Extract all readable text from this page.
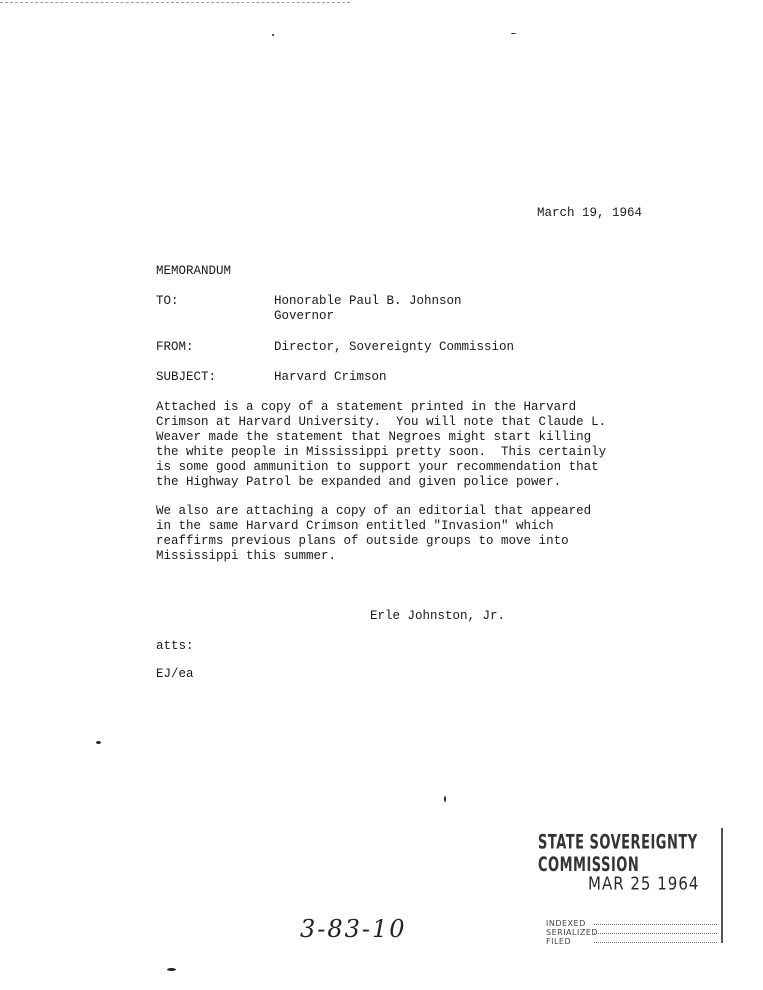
March 19, 1964
MEMORANDUM
TO:	Honorable Paul B. Johnson
Governor
FROM:	Director, Sovereignty Commission
SUBJECT:	Harvard Crimson
Attached is a copy of a statement printed in the Harvard
Crimson at Harvard University.  You will note that Claude L.
Weaver made the statement that Negroes might start killing
the white people in Mississippi pretty soon.  This certainly
is some good ammunition to support your recommendation that
the Highway Patrol be expanded and given police power.
We also are attaching a copy of an editorial that appeared
in the same Harvard Crimson entitled "Invasion" which
reaffirms previous plans of outside groups to move into
Mississippi this summer.
Erle Johnston, Jr.
atts:
EJ/ea
STATE SOVEREIGNTY COMMISSION
MAR 25 1964
INDEXED
SERIALIZED
FILED
3-83-10
